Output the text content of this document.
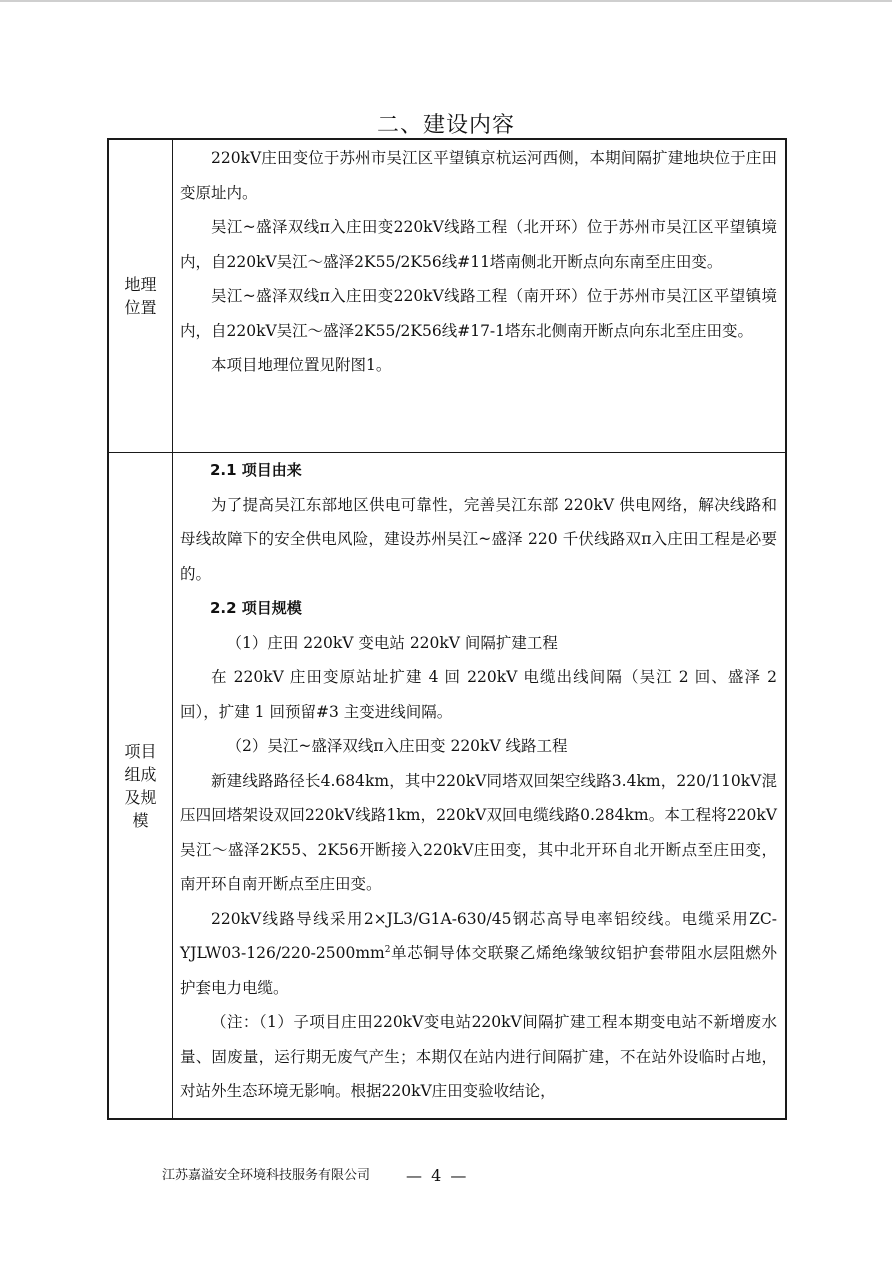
二、建设内容
地理位置

220kV庄田变位于苏州市吴江区平望镇京杭运河西侧，本期间隔扩建地块位于庄田变原址内。

吴江~盛泽双线π入庄田变220kV线路工程（北开环）位于苏州市吴江区平望镇境内，自220kV吴江～盛泽2K55/2K56线#11塔南侧北开断点向东南至庄田变。

吴江~盛泽双线π入庄田变220kV线路工程（南开环）位于苏州市吴江区平望镇境内，自220kV吴江～盛泽2K55/2K56线#17-1塔东北侧南开断点向东北至庄田变。

本项目地理位置见附图1。

项目组成及规模

2.1 项目由来

为了提高吴江东部地区供电可靠性，完善吴江东部 220kV 供电网络，解决线路和母线故障下的安全供电风险，建设苏州吴江~盛泽 220 千伏线路双π入庄田工程是必要的。

2.2 项目规模

（1）庄田 220kV 变电站 220kV 间隔扩建工程

在 220kV 庄田变原站址扩建 4 回 220kV 电缆出线间隔（吴江 2 回、盛泽 2 回），扩建 1 回预留#3 主变进线间隔。

（2）吴江~盛泽双线π入庄田变 220kV 线路工程

新建线路路径长4.684km，其中220kV同塔双回架空线路3.4km，220/110kV混压四回塔架设双回220kV线路1km，220kV双回电缆线路0.284km。本工程将220kV吴江～盛泽2K55、2K56开断接入220kV庄田变，其中北开环自北开断点至庄田变，南开环自南开断点至庄田变。

220kV线路导线采用2×JL3/G1A-630/45钢芯高导电率铝绞线。电缆采用$ZC-YJLW03-126/220-2500mm^2$单芯铜导体交联聚乙烯绝缘皱纹铝护套带阻水层阻燃外护套电力电缆。

（注：（1）子项目庄田220kV变电站220kV间隔扩建工程本期变电站不新增废水量、固废量，运行期无废气产生；本期仅在站内进行间隔扩建，不在站外设临时占地，对站外生态环境无影响。根据220kV庄田变验收结论，

江苏嘉溢安全环境科技服务有限公司 — 4 —
